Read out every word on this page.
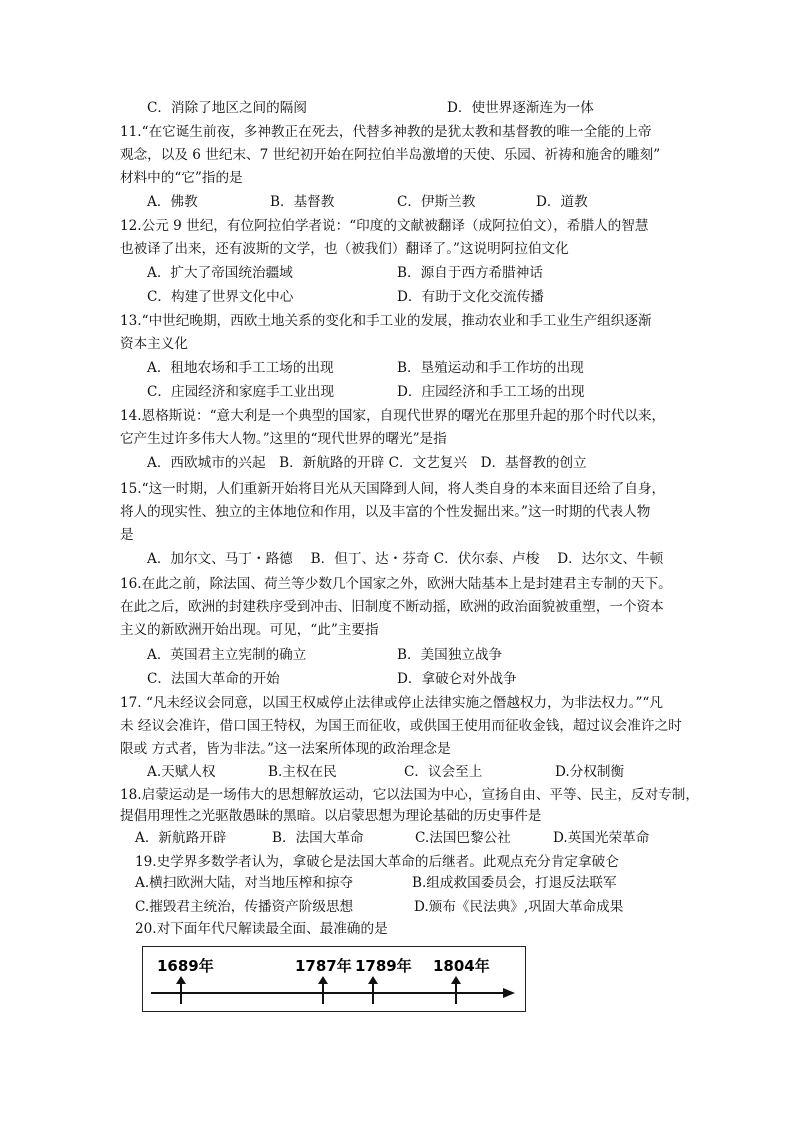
C．消除了地区之间的隔阂	D．使世界逐渐连为一体
11.“在它诞生前夜，多神教正在死去，代替多神教的是犹太教和基督教的唯一全能的上帝
观念，以及 6 世纪末、7 世纪初开始在阿拉伯半岛激增的天使、乐园、祈祷和施舍的雕刻”
材料中的“它”指的是
A．佛教	B．基督教	C．伊斯兰教	D．道教
12.公元 9 世纪，有位阿拉伯学者说：“印度的文献被翻译（成阿拉伯文），希腊人的智慧
也被译了出来，还有波斯的文学，也（被我们）翻译了。”这说明阿拉伯文化
A．扩大了帝国统治疆域	B．源自于西方希腊神话
C．构建了世界文化中心	D．有助于文化交流传播
13.“中世纪晚期，西欧土地关系的变化和手工业的发展，推动农业和手工业生产组织逐渐
资本主义化
A．租地农场和手工工场的出现	B．垦殖运动和手工作坊的出现
C．庄园经济和家庭手工业出现	D．庄园经济和手工工场的出现
14.恩格斯说：“意大利是一个典型的国家，自现代世界的曙光在那里升起的那个时代以来，
它产生过许多伟大人物。”这里的“现代世界的曙光”是指
A．西欧城市的兴起　B．新航路的开辟 C．文艺复兴　D．基督教的创立
15.“这一时期，人们重新开始将目光从天国降到人间，将人类自身的本来面目还给了自身，
将人的现实性、独立的主体地位和作用，以及丰富的个性发掘出来。”这一时期的代表人物
是
A．加尔文、马丁・路德　 B．但丁、达・芬奇 C．伏尔泰、卢梭　 D．达尔文、牛顿
16.在此之前，除法国、荷兰等少数几个国家之外，欧洲大陆基本上是封建君主专制的天下。
在此之后，欧洲的封建秩序受到冲击、旧制度不断动摇，欧洲的政治面貌被重塑，一个资本
主义的新欧洲开始出现。可见，“此”主要指
A．英国君主立宪制的确立	B．美国独立战争
C．法国大革命的开始	D．拿破仑对外战争
17. “凡未经议会同意，以国王权威停止法律或停止法律实施之僭越权力，为非法权力。”“凡
未 经议会准许，借口国王特权，为国王而征收，或供国王使用而征收金钱，超过议会准许之时
限或 方式者，皆为非法。”这一法案所体现的政治理念是
A.天赋人权	B.主权在民	C．议会至上	D.分权制衡
18.启蒙运动是一场伟大的思想解放运动，它以法国为中心，宣扬自由、平等、民主，反对专制，
提倡用理性之光驱散愚昧的黑暗。以启蒙思想为理论基础的历史事件是
A．新航路开辟	B．法国大革命	C.法国巴黎公社	D.英国光荣革命
19.史学界多数学者认为，拿破仑是法国大革命的后继者。此观点充分肯定拿破仑
A.横扫欧洲大陆，对当地压榨和掠夺	B.组成救国委员会，打退反法联军
C.摧毁君主统治，传播资产阶级思想	D.颁布《民法典》,巩固大革命成果
20.对下面年代尺解读最全面、最准确的是
1689年	1787年 1789年 1804年
